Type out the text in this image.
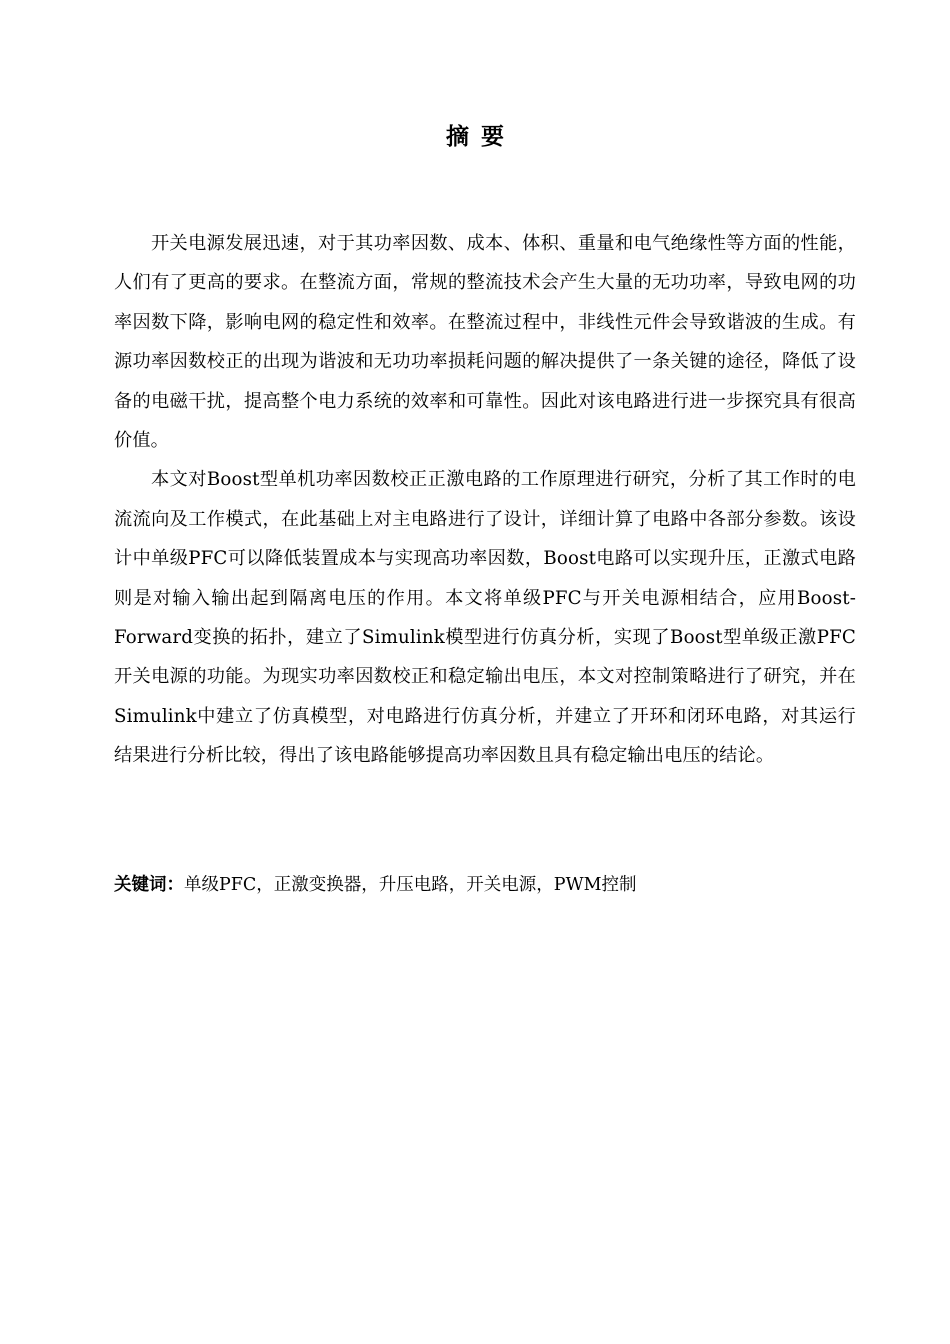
摘要

开关电源发展迅速，对于其功率因数、成本、体积、重量和电气绝缘性等方面的性能，人们有了更高的要求。在整流方面，常规的整流技术会产生大量的无功功率，导致电网的功率因数下降，影响电网的稳定性和效率。在整流过程中，非线性元件会导致谐波的生成。有源功率因数校正的出现为谐波和无功功率损耗问题的解决提供了一条关键的途径，降低了设备的电磁干扰，提高整个电力系统的效率和可靠性。因此对该电路进行进一步探究具有很高价值。

本文对Boost型单机功率因数校正正激电路的工作原理进行研究，分析了其工作时的电流流向及工作模式，在此基础上对主电路进行了设计，详细计算了电路中各部分参数。该设计中单级PFC可以降低装置成本与实现高功率因数，Boost电路可以实现升压，正激式电路则是对输入输出起到隔离电压的作用。本文将单级PFC与开关电源相结合，应用Boost-Forward变换的拓扑，建立了Simulink模型进行仿真分析，实现了Boost型单级正激PFC开关电源的功能。为现实功率因数校正和稳定输出电压，本文对控制策略进行了研究，并在Simulink中建立了仿真模型，对电路进行仿真分析，并建立了开环和闭环电路，对其运行结果进行分析比较，得出了该电路能够提高功率因数且具有稳定输出电压的结论。

关键词：单级PFC，正激变换器，升压电路，开关电源，PWM控制
